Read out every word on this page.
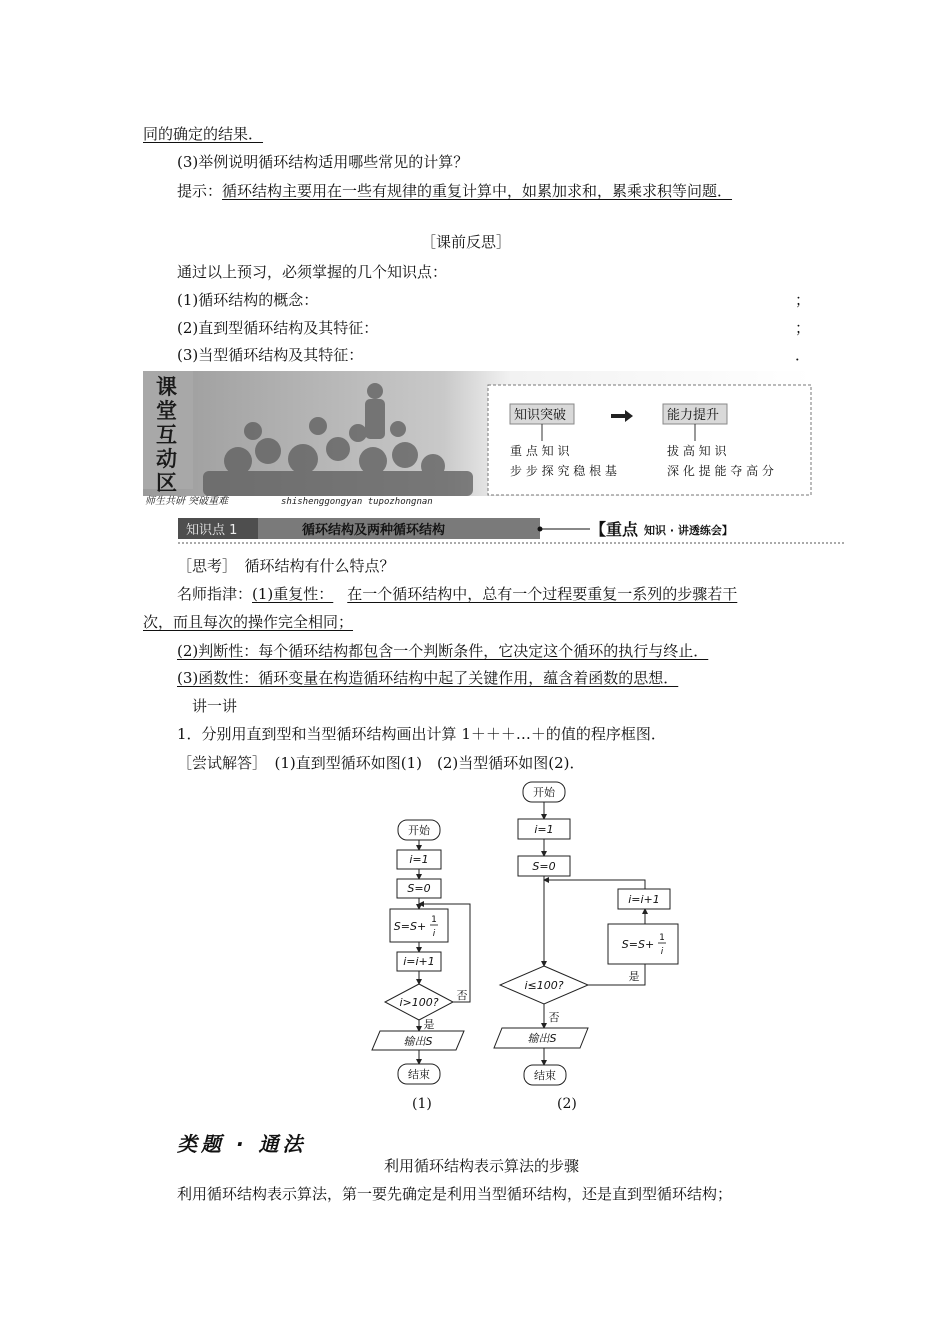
同的确定的结果．
(3)举例说明循环结构适用哪些常见的计算？
提示：循环结构主要用在一些有规律的重复计算中，如累加求和，累乘求积等问题．
［课前反思］
通过以上预习，必须掌握的几个知识点：
(1)循环结构的概念：	；
(2)直到型循环结构及其特征：	；
(3)当型循环结构及其特征：	．
课
堂
互
动
区
师生共研 突破重难	shishenggongyan tupozhongnan
知识突破	能力提升
重 点 知 识
步 步 探 究 稳 根 基
拔 高 知 识
深 化 提 能 夺 高 分
知识点 1	循环结构及两种循环结构	【重点 知识 · 讲透练会】
［思考］　循环结构有什么特点？
名师指津：(1)重复性： 在一个循环结构中，总有一个过程要重复一系列的步骤若干
次，而且每次的操作完全相同；
(2)判断性：每个循环结构都包含一个判断条件，它决定这个循环的执行与终止．
(3)函数性：循环变量在构造循环结构中起了关键作用，蕴含着函数的思想．
讲一讲
1．分别用直到型和当型循环结构画出计算 1＋＋＋…＋的值的程序框图．
［尝试解答］　(1)直到型循环如图(1)　(2)当型循环如图(2)．
开始
i=1
S=0
S=S+ 1
i
i=i+1
i>100?
否
是
输出S
结束
(1)
开始
i=1
S=0
i=i+1
S=S+ 1
i
i≤100?
是
否
输出S
结束
(2)
类题 · 通法
利用循环结构表示算法的步骤
利用循环结构表示算法，第一要先确定是利用当型循环结构，还是直到型循环结构；
